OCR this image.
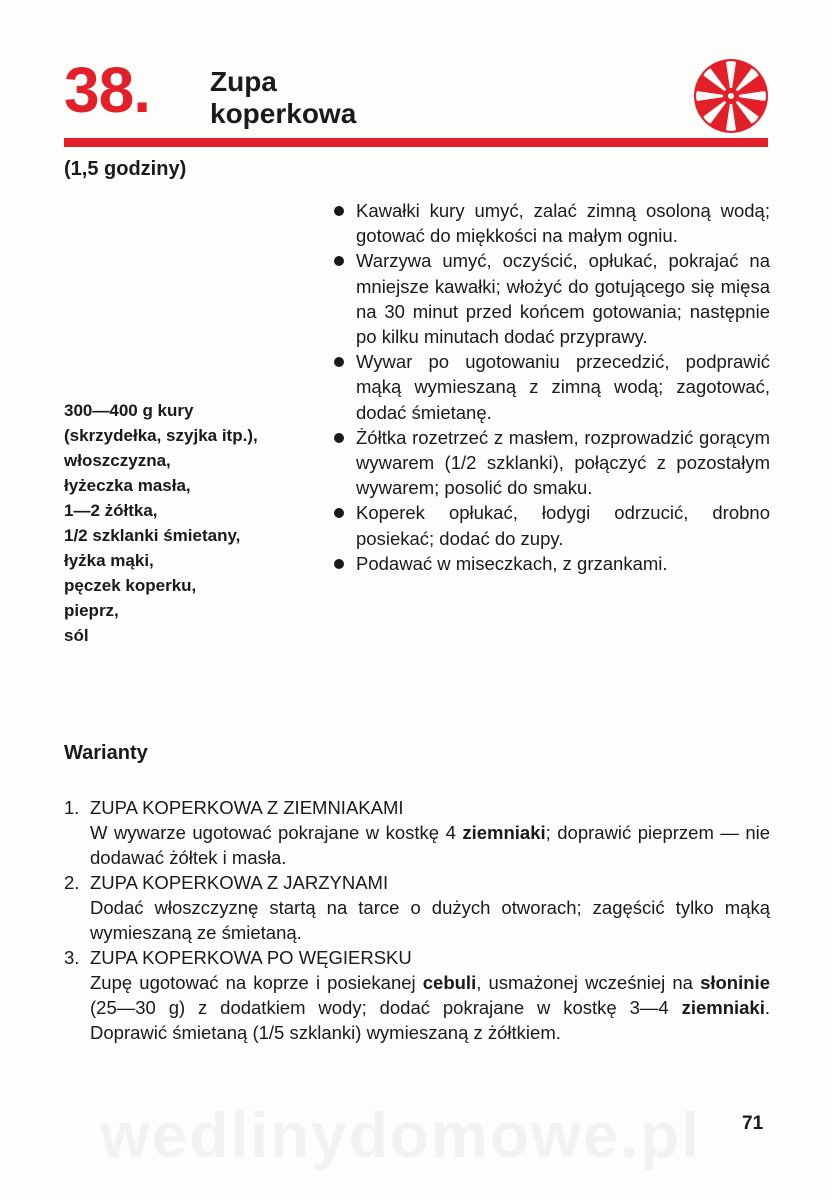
38. Zupa
koperkowa
(1,5 godziny)
300—400 g kury
(skrzydełka, szyjka itp.),
włoszczyzna,
łyżeczka masła,
1—2 żółtka,
1/2 szklanki śmietany,
łyżka mąki,
pęczek koperku,
pieprz,
sól
Kawałki kury umyć, zalać zimną osoloną wodą; gotować do miękkości na małym ogniu.
Warzywa umyć, oczyścić, opłukać, pokrajać na mniejsze kawałki; włożyć do gotującego się mięsa na 30 minut przed końcem gotowania; następnie po kilku minutach dodać przyprawy.
Wywar po ugotowaniu przecedzić, podprawić mąką wymieszaną z zimną wodą; zagotować, dodać śmietanę.
Żółtka rozetrzeć z masłem, rozprowadzić gorącym wywarem (1/2 szklanki), połączyć z pozostałym wywarem; posolić do smaku.
Koperek opłukać, łodygi odrzucić, drobno posiekać; dodać do zupy.
Podawać w miseczkach, z grzankami.
Warianty
1. ZUPA KOPERKOWA Z ZIEMNIAKAMI
W wywarze ugotować pokrajane w kostkę 4 ziemniaki; doprawić pieprzem — nie dodawać żółtek i masła.
2. ZUPA KOPERKOWA Z JARZYNAMI
Dodać włoszczyznę startą na tarce o dużych otworach; zagęścić tylko mąką wymieszaną ze śmietaną.
3. ZUPA KOPERKOWA PO WĘGIERSKU
Zupę ugotować na koprze i posiekanej cebuli, usmażonej wcześniej na słoninie (25—30 g) z dodatkiem wody; dodać pokrajane w kostkę 3—4 ziemniaki. Doprawić śmietaną (1/5 szklanki) wymieszaną z żółtkiem.
71
